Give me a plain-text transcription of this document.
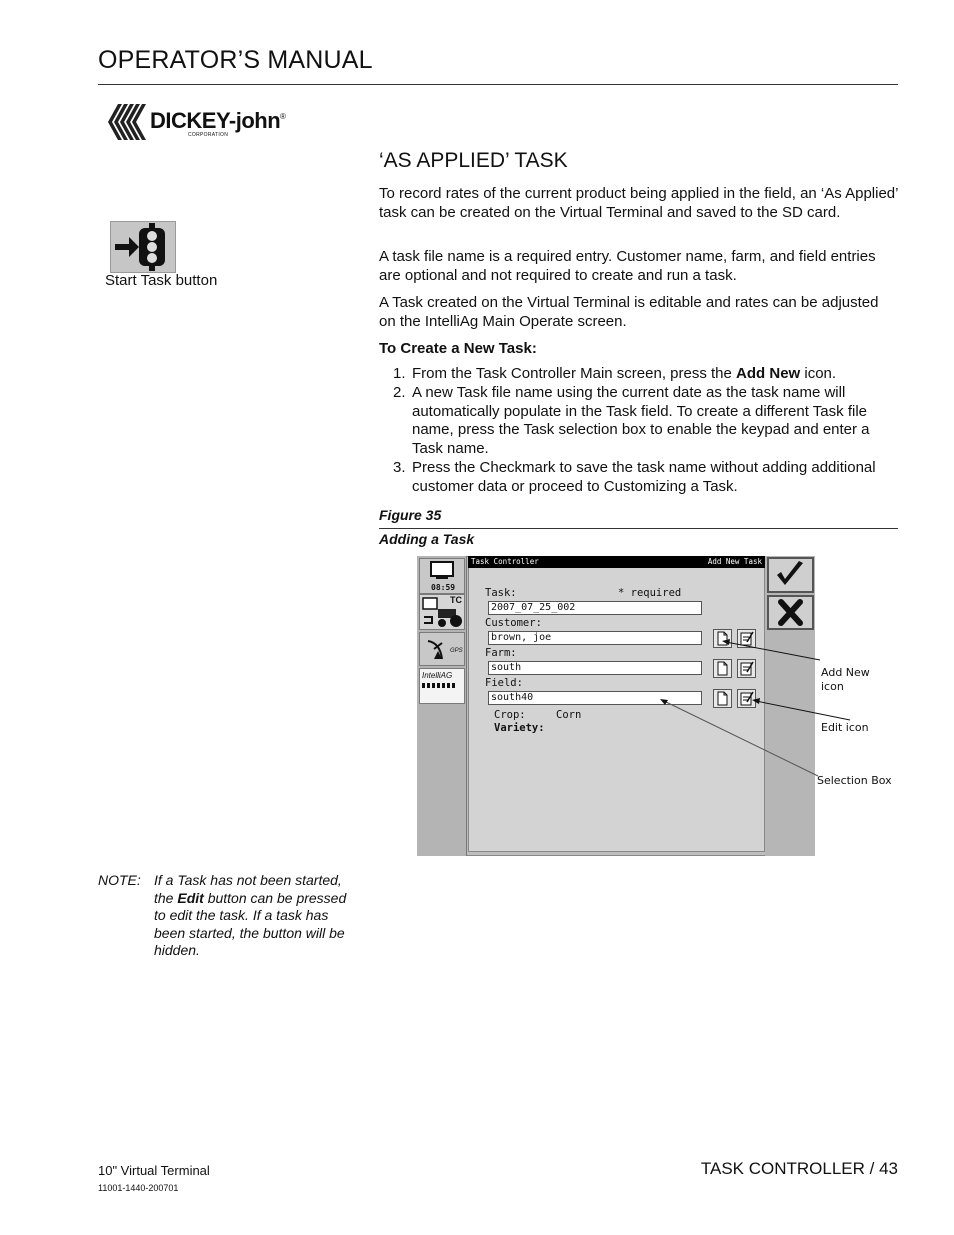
OPERATOR’S MANUAL
DICKEY-john ®
CORPORATION
Start Task button
‘AS APPLIED’ TASK
To record rates of the current product being applied in the field, an ‘As Applied’ task can be created on the Virtual Terminal and saved to the SD card.
A task file name is a required entry. Customer name, farm, and field entries are optional and not required to create and run a task.
A Task created on the Virtual Terminal is editable and rates can be adjusted on the IntelliAg Main Operate screen.
To Create a New Task:
1. From the Task Controller Main screen, press the Add New icon.
2. A new Task file name using the current date as the task name will automatically populate in the Task field. To create a different Task file name, press the Task selection box to enable the keypad and enter a Task name.
3. Press the Checkmark to save the task name without adding additional customer data or proceed to Customizing a Task.
Figure 35
Adding a Task
08:59
TC
GPS
IntelliAG
Task Controller	Add New Task
Task:	* required
2007_07_25_002
Customer:
brown, joe
Farm:
south
Field:
south40
Crop:	Corn
Variety:
Add New icon
Edit icon
Selection Box
NOTE: If a Task has not been started, the Edit button can be pressed to edit the task. If a task has been started, the button will be hidden.
10" Virtual Terminal
11001-1440-200701
TASK CONTROLLER / 43
